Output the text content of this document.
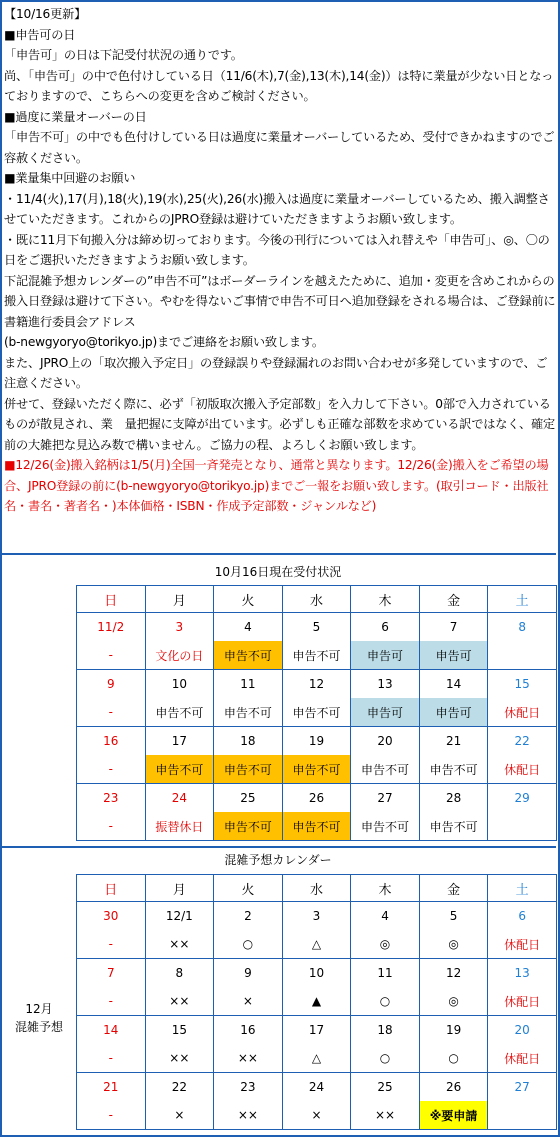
【10/16更新】

■申告可の日

「申告可」の日は下記受付状況の通りです。

尚、「申告可」の中で色付けしている日（11/6(木),7(金),13(木),14(金)）は特に業量が少ない日となっておりますので、こちらへの変更を含めご検討ください。

■過度に業量オーバーの日

「申告不可」の中でも色付けしている日は過度に業量オーバーしているため、受付できかねますのでご容赦ください。

■業量集中回避のお願い

・11/4(火),17(月),18(火),19(水),25(火),26(水)搬入は過度に業量オーバーしているため、搬入調整させていただきます。これからのJPRO登録は避けていただきますようお願い致します。

・既に11月下旬搬入分は締め切っております。今後の刊行については入れ替えや「申告可」、◎、〇の日をご選択いただきますようお願い致します。

下記混雑予想カレンダーの”申告不可”はボーダーラインを越えたために、追加・変更を含めこれからの搬入日登録は避けて下さい。やむを得ないご事情で申告不可日へ追加登録をされる場合は、ご登録前に書籍進行委員会アドレス

(b-newgyoryo@torikyo.jp)までご連絡をお願い致します。

また、JPRO上の「取次搬入予定日」の登録誤りや登録漏れのお問い合わせが多発していますので、ご注意ください。

併せて、登録いただく際に、必ず「初版取次搬入予定部数」を入力して下さい。0部で入力されているものが散見され、業　量把握に支障が出ています。必ずしも正確な部数を求めている訳ではなく、確定前の大雑把な見込み数で構いません。ご協力の程、よろしくお願い致します。

■12/26(金)搬入銘柄は1/5(月)全国一斉発売となり、通常と異なります。12/26(金)搬入をご希望の場合、JPRO登録の前に(b-newgyoryo@torikyo.jp)までご一報をお願い致します。(取引コード・出版社名・書名・著者名・)本体価格・ISBN・作成予定部数・ジャンルなど)

10月16日現在受付状況
日	月	火	水	木	金	土
11/2	3	4	5	6	7	8
-	文化の日	申告不可	申告不可	申告可	申告可	
9	10	11	12	13	14	15
-	申告不可	申告不可	申告不可	申告可	申告可	休配日
16	17	18	19	20	21	22
-	申告不可	申告不可	申告不可	申告不可	申告不可	休配日
23	24	25	26	27	28	29
-	振替休日	申告不可	申告不可	申告不可	申告不可	
混雑予想カレンダー
12月
混雑予想
日	月	火	水	木	金	土
30	12/1	2	3	4	5	6
-	××	○	△	◎	◎	休配日
7	8	9	10	11	12	13
-	××	×	▲	○	◎	休配日
14	15	16	17	18	19	20
-	××	××	△	○	○	休配日
21	22	23	24	25	26	27
-	×	××	×	××	※要申請	
